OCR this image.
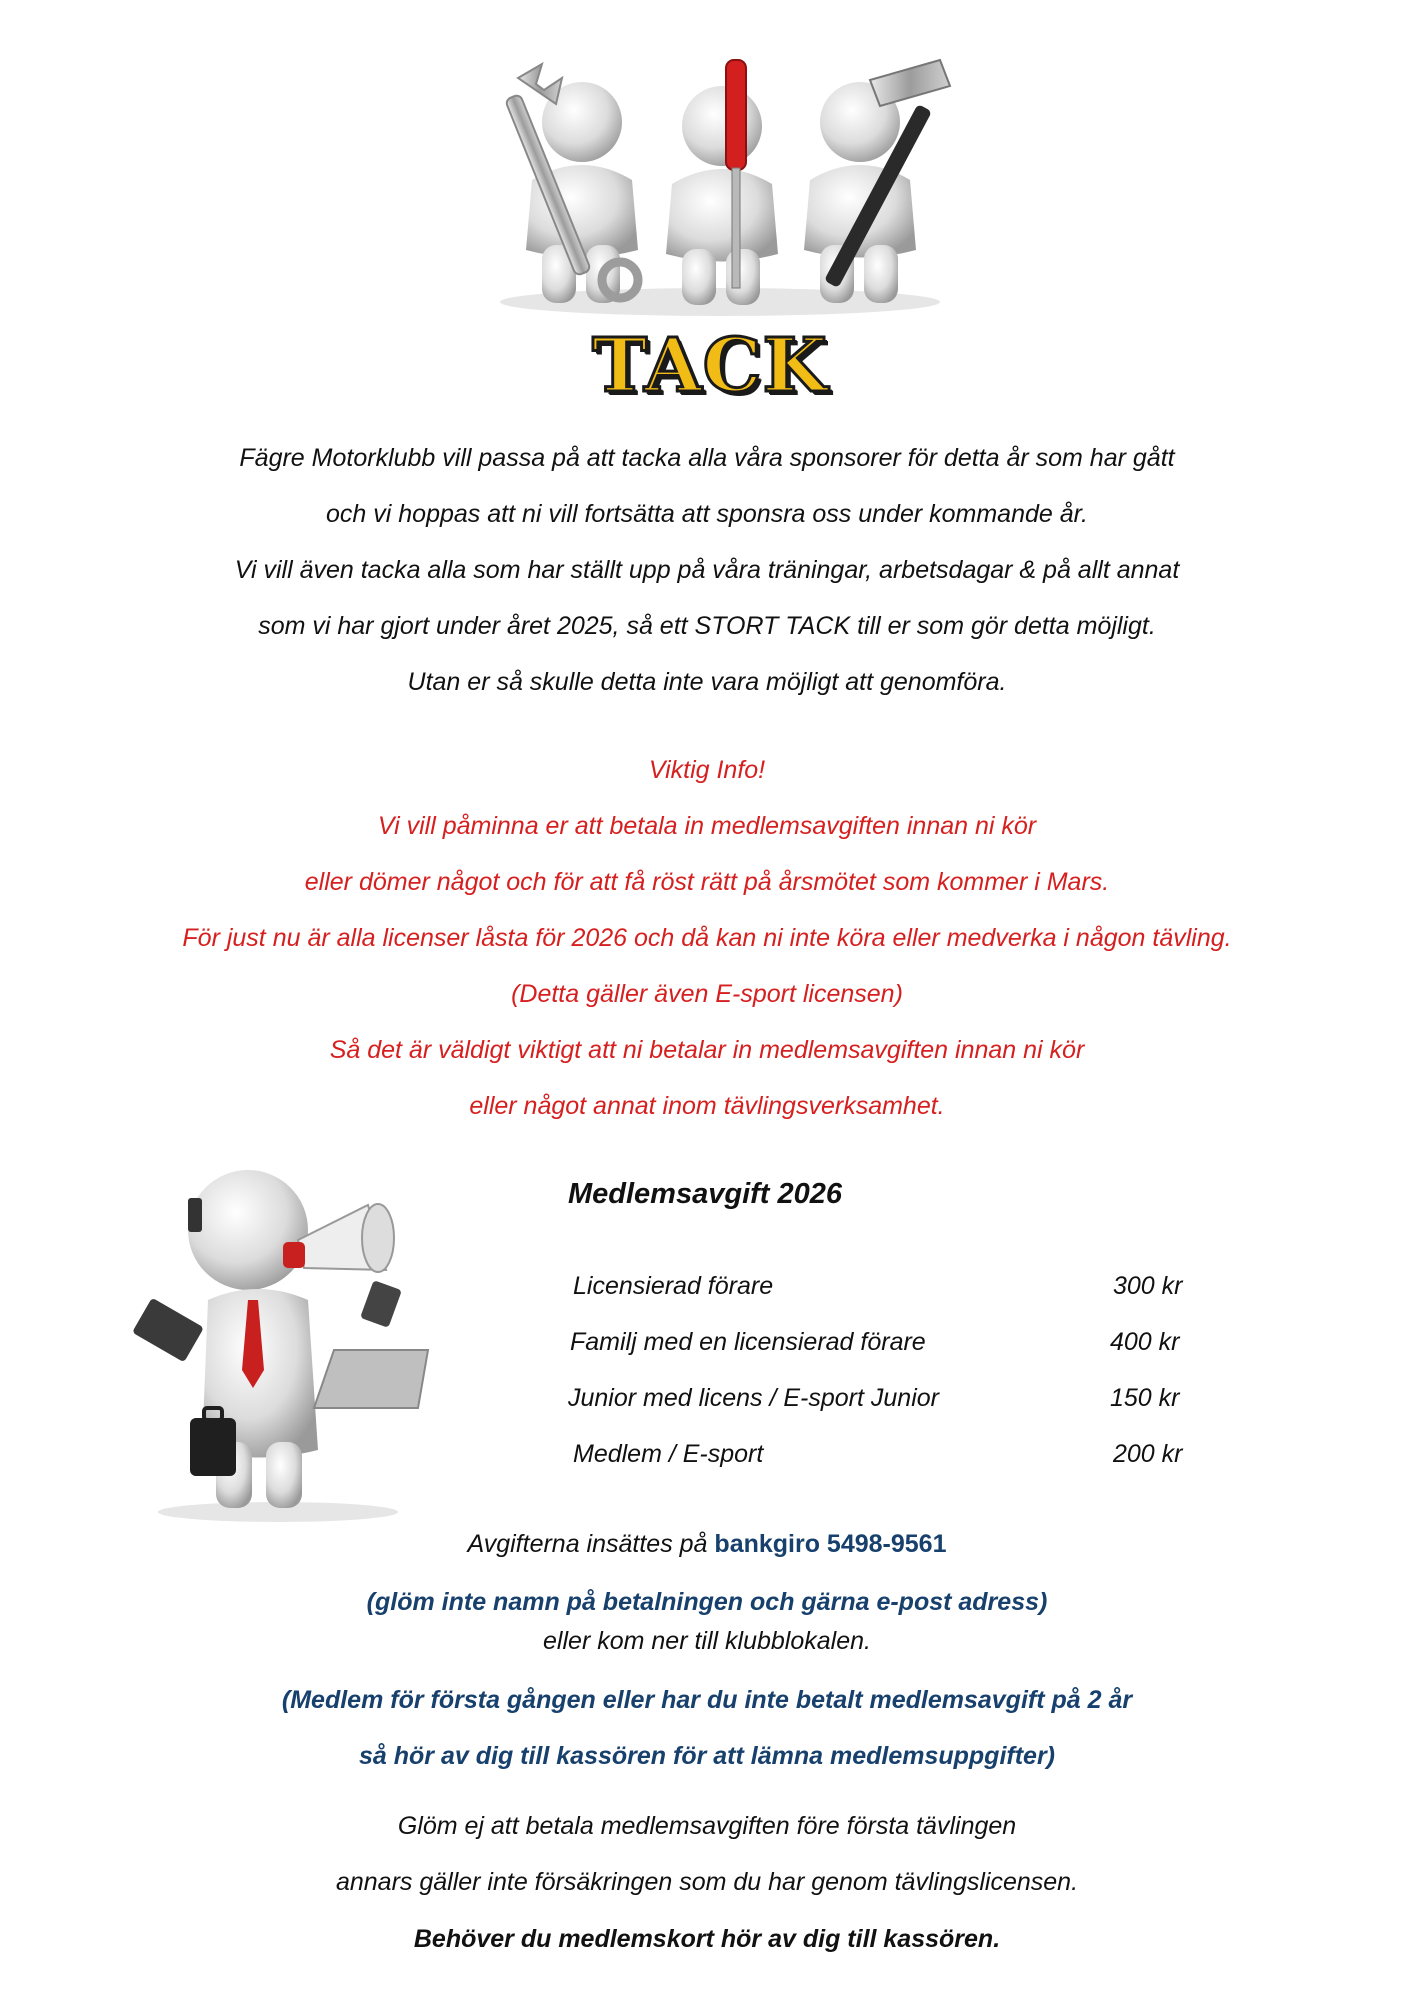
TACK
Fägre Motorklubb vill passa på att tacka alla våra sponsorer för detta år som har gått
och vi hoppas att ni vill fortsätta att sponsra oss under kommande år.
Vi vill även tacka alla som har ställt upp på våra träningar, arbetsdagar & på allt annat
som vi har gjort under året 2025, så ett STORT TACK till er som gör detta möjligt.
Utan er så skulle detta inte vara möjligt att genomföra.
Viktig Info!
Vi vill påminna er att betala in medlemsavgiften innan ni kör
eller dömer något och för att få röst rätt på årsmötet som kommer i Mars.
För just nu är alla licenser låsta för 2026 och då kan ni inte köra eller medverka i någon tävling.
(Detta gäller även E-sport licensen)
Så det är väldigt viktigt att ni betalar in medlemsavgiften innan ni kör
eller något annat inom tävlingsverksamhet.
Medlemsavgift 2026
Licensierad förare	300 kr
Familj med en licensierad förare	400 kr
Junior med licens / E-sport Junior	150 kr
Medlem / E-sport	200 kr
Avgifterna insättes på bankgiro 5498-9561
(glöm inte namn på betalningen och gärna e-post adress)
eller kom ner till klubblokalen.
(Medlem för första gången eller har du inte betalt medlemsavgift på 2 år
så hör av dig till kassören för att lämna medlemsuppgifter)
Glöm ej att betala medlemsavgiften före första tävlingen
annars gäller inte försäkringen som du har genom tävlingslicensen.
Behöver du medlemskort hör av dig till kassören.
